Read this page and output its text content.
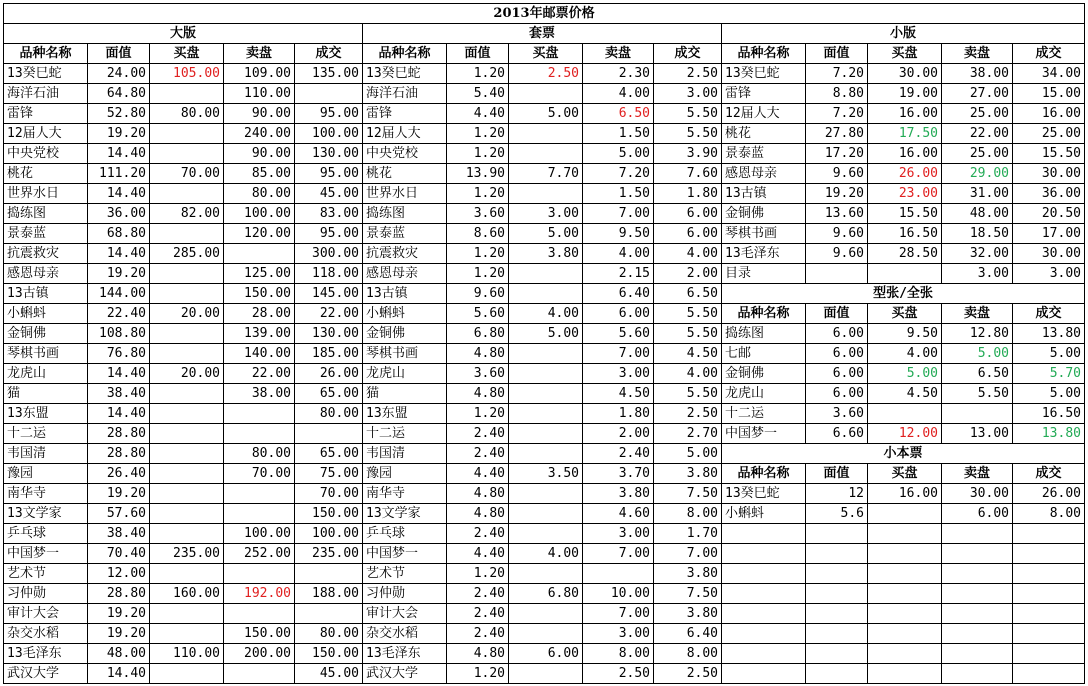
2013年邮票价格														
大版					套票					小版				
品种名称	面值	买盘	卖盘	成交	品种名称	面值	买盘	卖盘	成交	品种名称	面值	买盘	卖盘	成交
13癸巳蛇	24.00	105.00	109.00	135.00	13癸巳蛇	1.20	2.50	2.30	2.50	13癸巳蛇	7.20	30.00	38.00	34.00
海洋石油	64.80		110.00		海洋石油	5.40		4.00	3.00	雷锋	8.80	19.00	27.00	15.00
雷锋	52.80	80.00	90.00	95.00	雷锋	4.40	5.00	6.50	5.50	12届人大	7.20	16.00	25.00	16.00
12届人大	19.20		240.00	100.00	12届人大	1.20		1.50	5.50	桃花	27.80	17.50	22.00	25.00
中央党校	14.40		90.00	130.00	中央党校	1.20		5.00	3.90	景泰蓝	17.20	16.00	25.00	15.50
桃花	111.20	70.00	85.00	95.00	桃花	13.90	7.70	7.20	7.60	感恩母亲	9.60	26.00	29.00	30.00
世界水日	14.40		80.00	45.00	世界水日	1.20		1.50	1.80	13古镇	19.20	23.00	31.00	36.00
捣练图	36.00	82.00	100.00	83.00	捣练图	3.60	3.00	7.00	6.00	金铜佛	13.60	15.50	48.00	20.50
景泰蓝	68.80		120.00	95.00	景泰蓝	8.60	5.00	9.50	6.00	琴棋书画	9.60	16.50	18.50	17.00
抗震救灾	14.40	285.00		300.00	抗震救灾	1.20	3.80	4.00	4.00	13毛泽东	9.60	28.50	32.00	30.00
感恩母亲	19.20		125.00	118.00	感恩母亲	1.20		2.15	2.00	目录			3.00	3.00
13古镇	144.00		150.00	145.00	13古镇	9.60		6.40	6.50	型张/全张				
小蝌蚪	22.40	20.00	28.00	22.00	小蝌蚪	5.60	4.00	6.00	5.50	品种名称	面值	买盘	卖盘	成交
金铜佛	108.80		139.00	130.00	金铜佛	6.80	5.00	5.60	5.50	捣练图	6.00	9.50	12.80	13.80
琴棋书画	76.80		140.00	185.00	琴棋书画	4.80		7.00	4.50	七邮	6.00	4.00	5.00	5.00
龙虎山	14.40	20.00	22.00	26.00	龙虎山	3.60		3.00	4.00	金铜佛	6.00	5.00	6.50	5.70
猫	38.40		38.00	65.00	猫	4.80		4.50	5.50	龙虎山	6.00	4.50	5.50	5.00
13东盟	14.40			80.00	13东盟	1.20		1.80	2.50	十二运	3.60			16.50
十二运	28.80				十二运	2.40		2.00	2.70	中国梦一	6.60	12.00	13.00	13.80
韦国清	28.80		80.00	65.00	韦国清	2.40		2.40	5.00	小本票				
豫园	26.40		70.00	75.00	豫园	4.40	3.50	3.70	3.80	品种名称	面值	买盘	卖盘	成交
南华寺	19.20			70.00	南华寺	4.80		3.80	7.50	13癸巳蛇	12	16.00	30.00	26.00
13文学家	57.60			150.00	13文学家	4.80		4.60	8.00	小蝌蚪	5.6		6.00	8.00
乒乓球	38.40		100.00	100.00	乒乓球	2.40		3.00	1.70					
中国梦一	70.40	235.00	252.00	235.00	中国梦一	4.40	4.00	7.00	7.00					
艺术节	12.00				艺术节	1.20			3.80					
习仲勋	28.80	160.00	192.00	188.00	习仲勋	2.40	6.80	10.00	7.50					
审计大会	19.20				审计大会	2.40		7.00	3.80					
杂交水稻	19.20		150.00	80.00	杂交水稻	2.40		3.00	6.40					
13毛泽东	48.00	110.00	200.00	150.00	13毛泽东	4.80	6.00	8.00	8.00					
武汉大学	14.40			45.00	武汉大学	1.20		2.50	2.50					
